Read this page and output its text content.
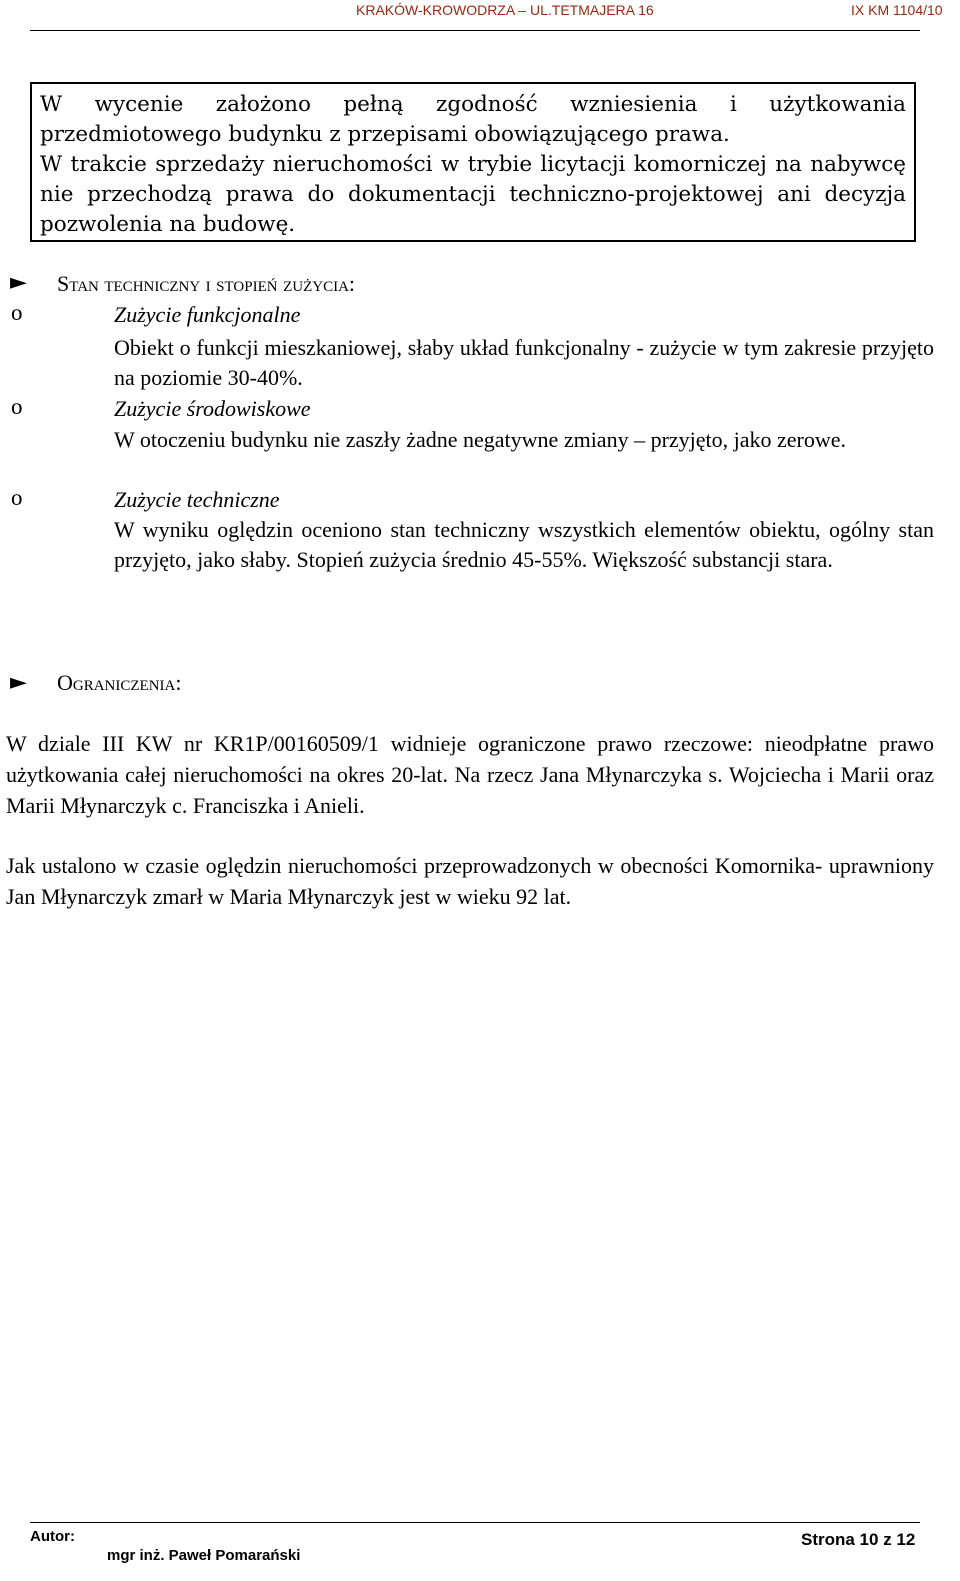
KRAKÓW-KROWODRZA – UL.TETMAJERA 16	IX KM 1104/10

W wycenie założono pełną zgodność wzniesienia i użytkowania przedmiotowego budynku z przepisami obowiązującego prawa.

W trakcie sprzedaży nieruchomości w trybie licytacji komorniczej na nabywcę nie przechodzą prawa do dokumentacji techniczno-projektowej ani decyzja pozwolenia na budowę.

► Stan techniczny i stopień zużycia:
o	Zużycie funkcjonalne
Obiekt o funkcji mieszkaniowej, słaby układ funkcjonalny - zużycie w tym zakresie przyjęto na poziomie 30-40%.
o	Zużycie środowiskowe
W otoczeniu budynku nie zaszły żadne negatywne zmiany – przyjęto, jako zerowe.
o	Zużycie techniczne
W wyniku oględzin oceniono stan techniczny wszystkich elementów obiektu, ogólny stan przyjęto, jako słaby. Stopień zużycia średnio 45-55%. Większość substancji stara.
► Ograniczenia:
W dziale III KW nr KR1P/00160509/1 widnieje ograniczone prawo rzeczowe: nieodpłatne prawo użytkowania całej nieruchomości na okres 20-lat. Na rzecz Jana Młynarczyka s. Wojciecha i Marii oraz Marii Młynarczyk c. Franciszka i Anieli.
Jak ustalono w czasie oględzin nieruchomości przeprowadzonych w obecności Komornika- uprawniony Jan Młynarczyk zmarł w Maria Młynarczyk jest w wieku 92 lat.
Autor:
mgr inż. Paweł Pomarański
Strona 10 z 12
